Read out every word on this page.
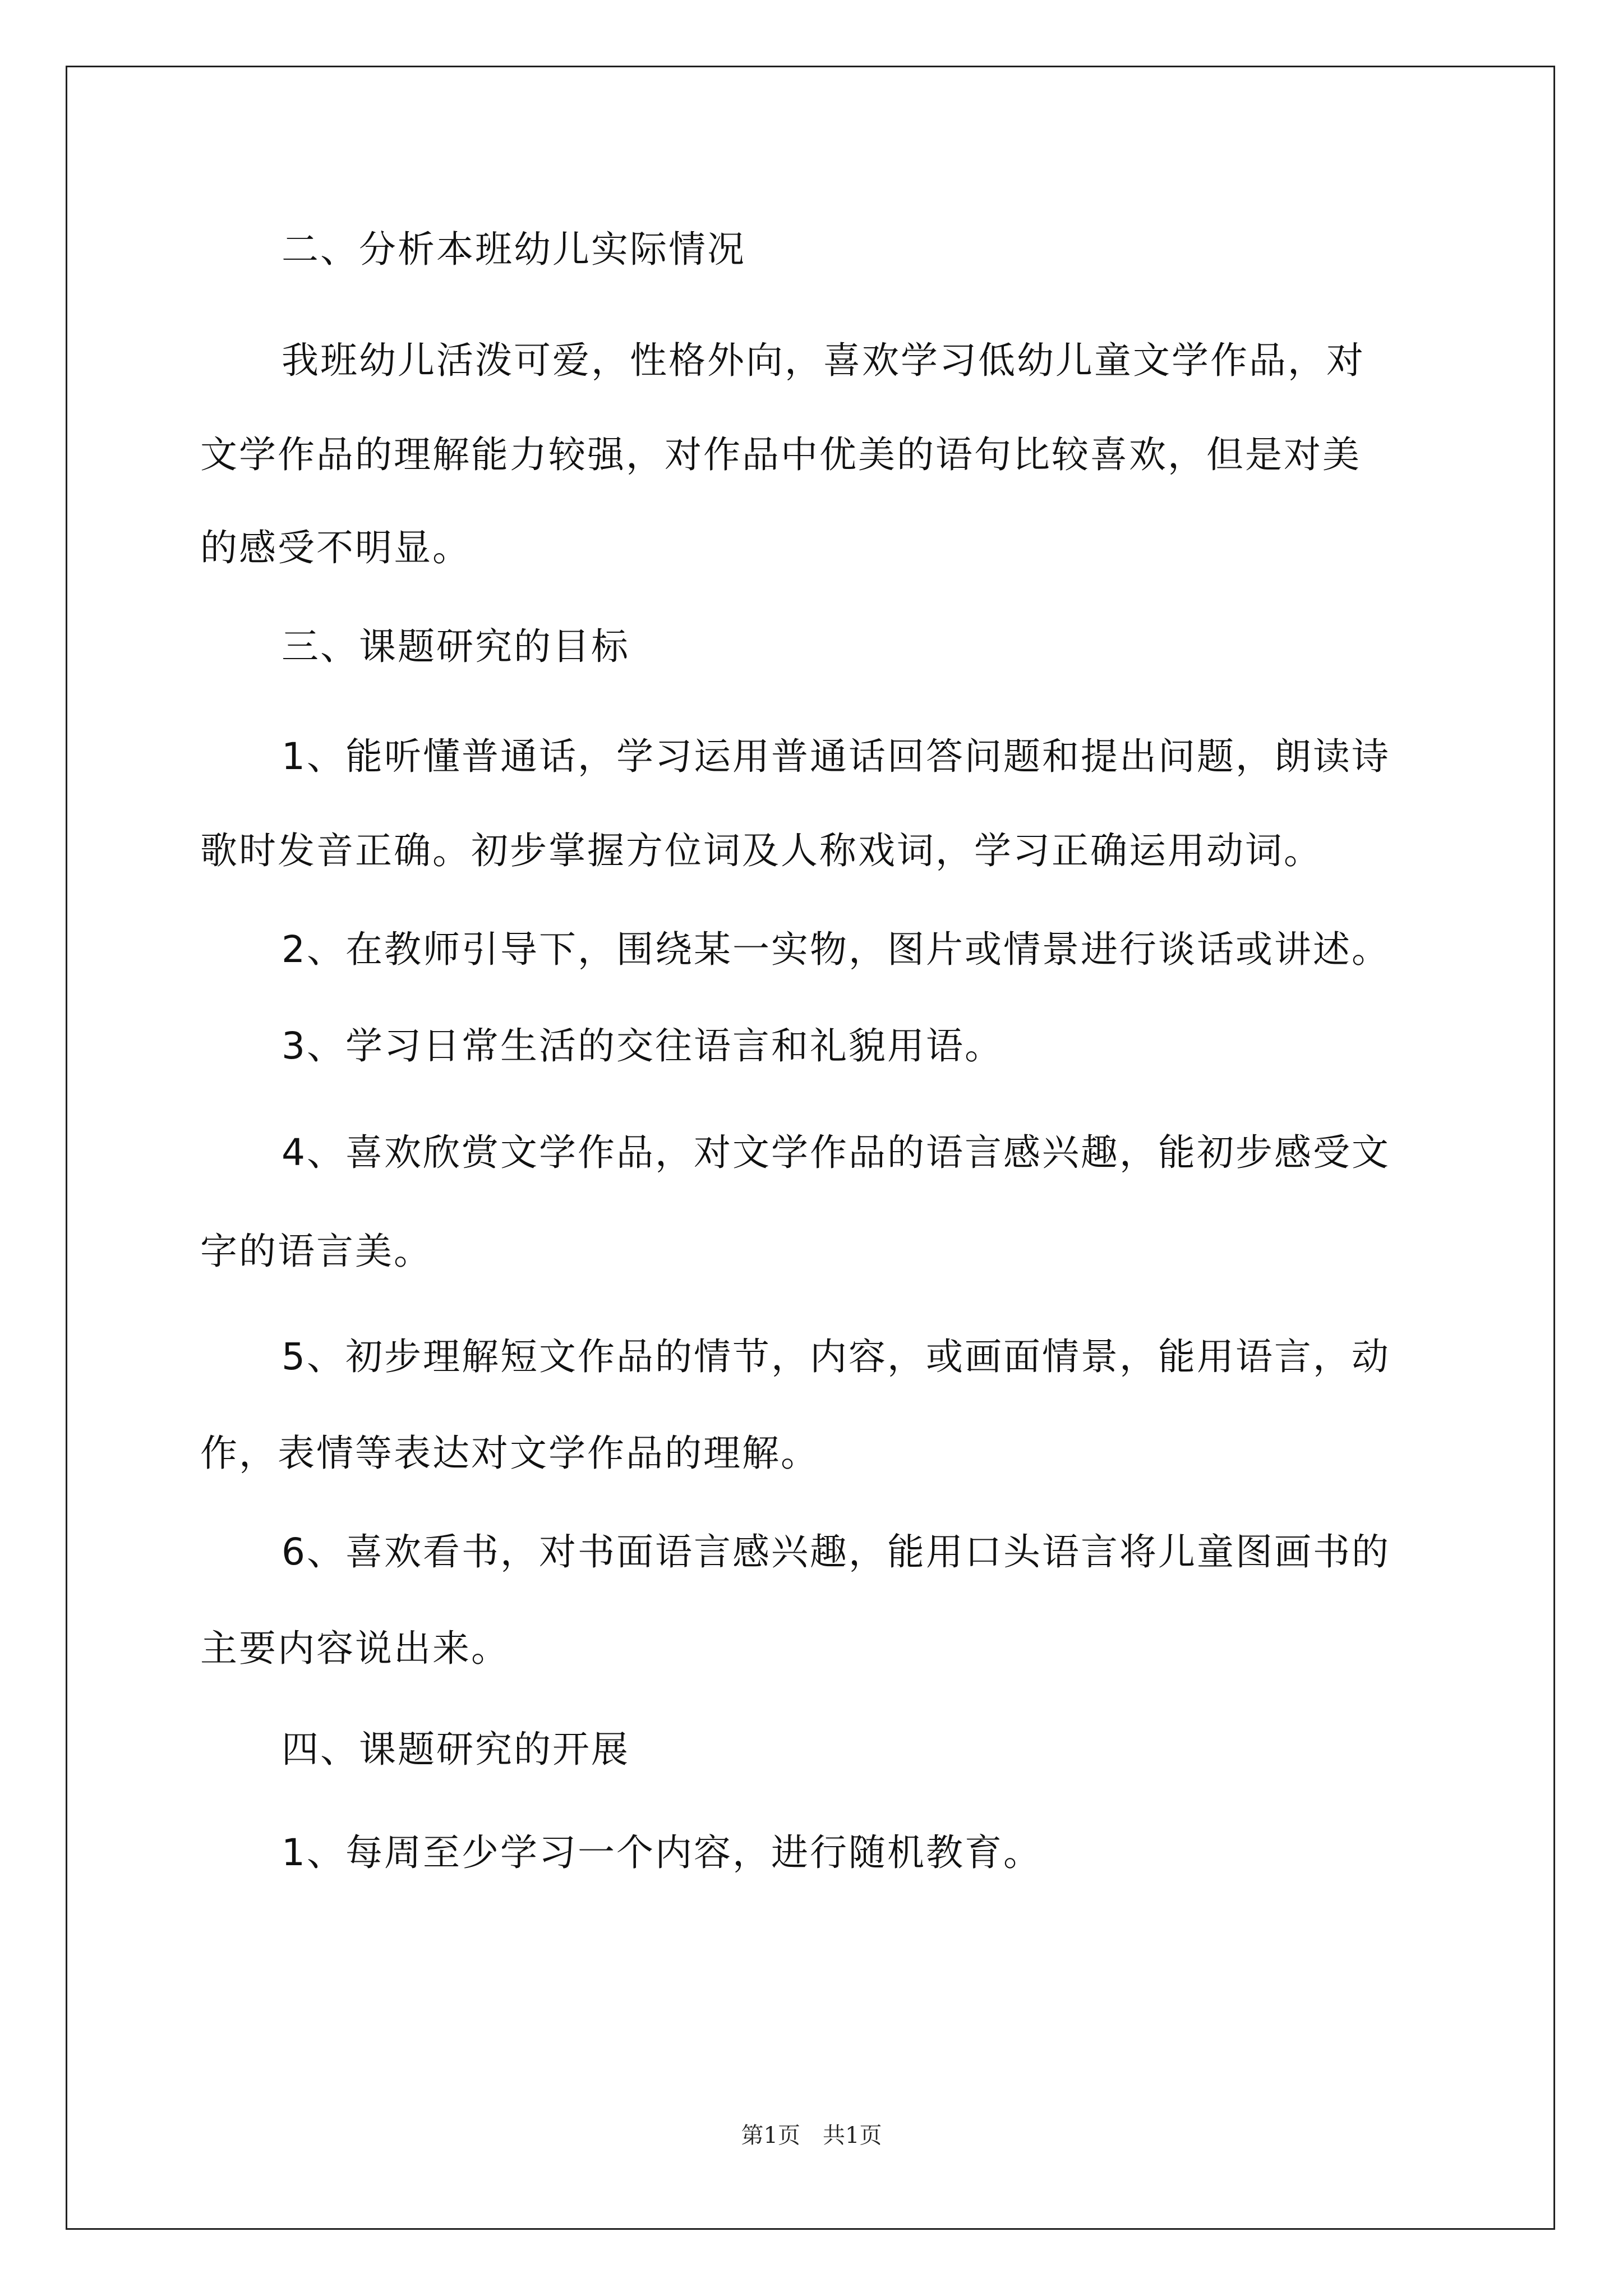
二、分析本班幼儿实际情况
我班幼儿活泼可爱，性格外向，喜欢学习低幼儿童文学作品，对
文学作品的理解能力较强，对作品中优美的语句比较喜欢，但是对美
的感受不明显。
三、课题研究的目标
1、能听懂普通话，学习运用普通话回答问题和提出问题，朗读诗
歌时发音正确。初步掌握方位词及人称戏词，学习正确运用动词。
2、在教师引导下，围绕某一实物，图片或情景进行谈话或讲述。
3、学习日常生活的交往语言和礼貌用语。
4、喜欢欣赏文学作品，对文学作品的语言感兴趣，能初步感受文
字的语言美。
5、初步理解短文作品的情节，内容，或画面情景，能用语言，动
作，表情等表达对文学作品的理解。
6、喜欢看书，对书面语言感兴趣，能用口头语言将儿童图画书的
主要内容说出来。
四、课题研究的开展
1、每周至少学习一个内容，进行随机教育。
第1页　共1页
